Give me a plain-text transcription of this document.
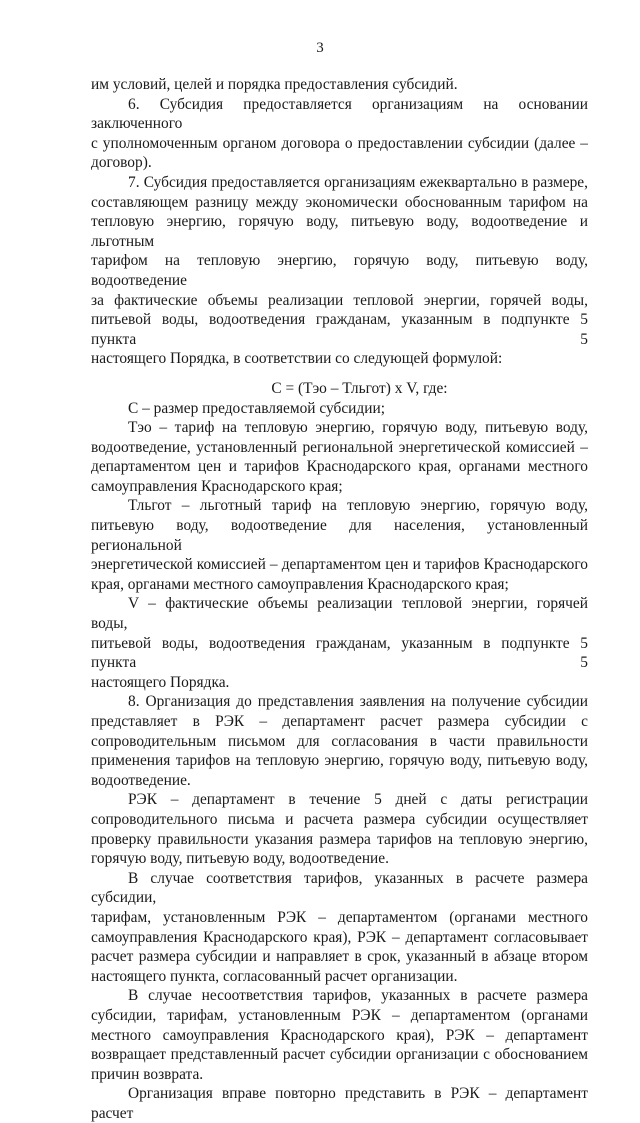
3
им условий, целей и порядка предоставления субсидий.
6. Субсидия предоставляется организациям на основании заключенного
с уполномоченным органом договора о предоставлении субсидии (далее –
договор).
7. Субсидия предоставляется организациям ежеквартально в размере,
составляющем разницу между экономически обоснованным тарифом на
тепловую энергию, горячую воду, питьевую воду, водоотведение и льготным
тарифом на тепловую энергию, горячую воду, питьевую воду, водоотведение
за фактические объемы реализации тепловой энергии, горячей воды,
питьевой воды, водоотведения гражданам, указанным в подпункте 5 пункта 5
настоящего Порядка, в соответствии со следующей формулой:
С = (Тэо – Тльгот) х V, где:
С – размер предоставляемой субсидии;
Тэо – тариф на тепловую энергию, горячую воду, питьевую воду,
водоотведение, установленный региональной энергетической комиссией –
департаментом цен и тарифов Краснодарского края, органами местного
самоуправления Краснодарского края;
Тльгот – льготный тариф на тепловую энергию, горячую воду,
питьевую воду, водоотведение для населения, установленный региональной
энергетической комиссией – департаментом цен и тарифов Краснодарского
края, органами местного самоуправления Краснодарского края;
V – фактические объемы реализации тепловой энергии, горячей воды,
питьевой воды, водоотведения гражданам, указанным в подпункте 5 пункта 5
настоящего Порядка.
8. Организация до представления заявления на получение субсидии
представляет в РЭК – департамент расчет размера субсидии с
сопроводительным письмом для согласования в части правильности
применения тарифов на тепловую энергию, горячую воду, питьевую воду,
водоотведение.
РЭК – департамент в течение 5 дней с даты регистрации
сопроводительного письма и расчета размера субсидии осуществляет
проверку правильности указания размера тарифов на тепловую энергию,
горячую воду, питьевую воду, водоотведение.
В случае соответствия тарифов, указанных в расчете размера субсидии,
тарифам, установленным РЭК – департаментом (органами местного
самоуправления Краснодарского края), РЭК – департамент согласовывает
расчет размера субсидии и направляет в срок, указанный в абзаце втором
настоящего пункта, согласованный расчет организации.
В случае несоответствия тарифов, указанных в расчете размера
субсидии, тарифам, установленным РЭК – департаментом (органами
местного самоуправления Краснодарского края), РЭК – департамент
возвращает представленный расчет субсидии организации с обоснованием
причин возврата.
Организация вправе повторно представить в РЭК – департамент расчет
